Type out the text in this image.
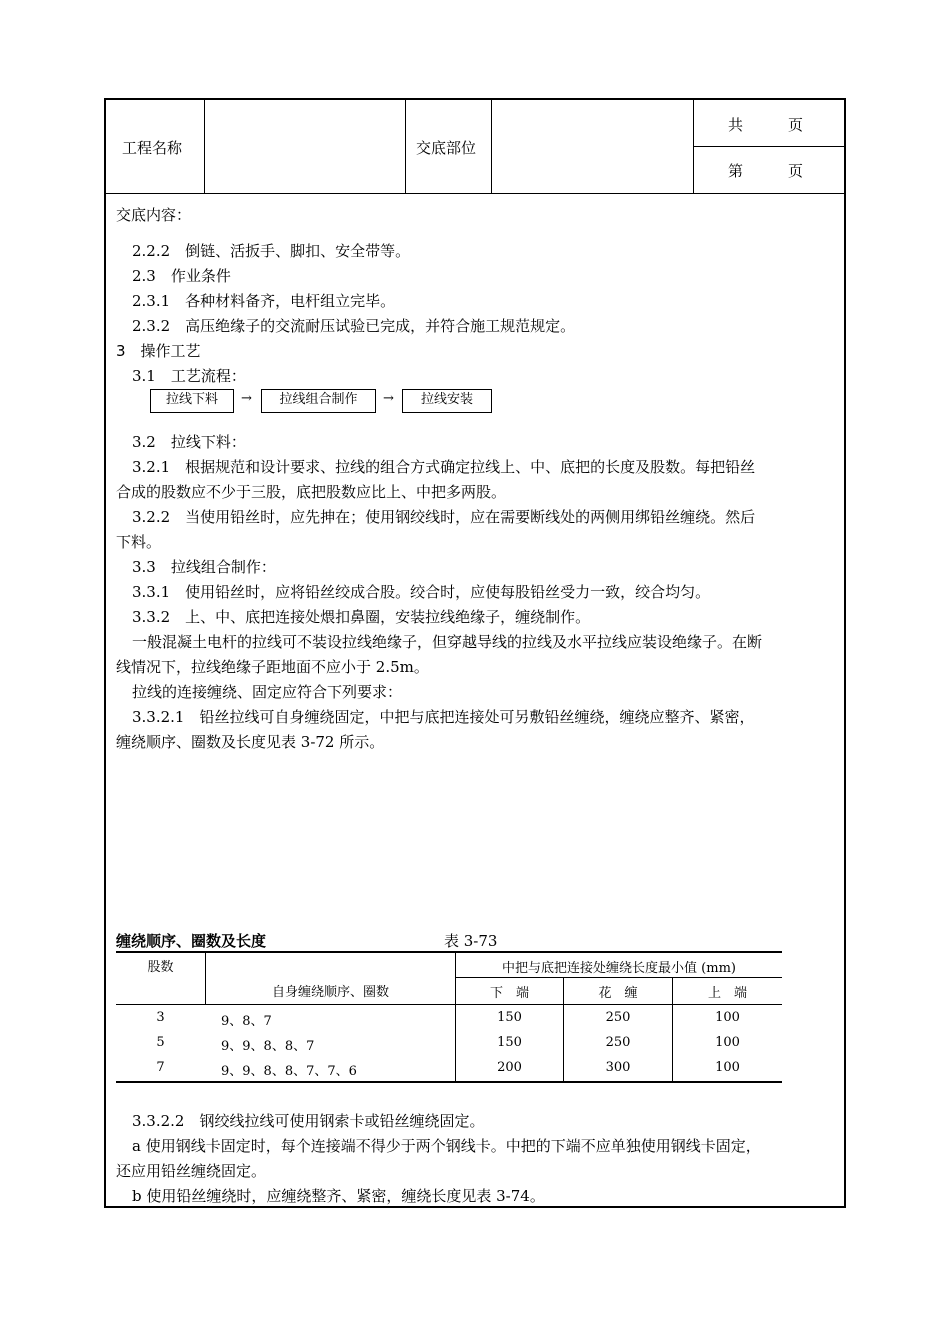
工程名称	交底部位
共　　　页
第　　　页
交底内容：
2.2.2　倒链、活扳手、脚扣、安全带等。
2.3　作业条件
2.3.1　各种材料备齐，电杆组立完毕。
2.3.2　高压绝缘子的交流耐压试验已完成，并符合施工规范规定。
3　操作工艺
3.1　工艺流程：
拉线下料	→	拉线组合制作	→	拉线安装
3.2　拉线下料：
3.2.1　根据规范和设计要求、拉线的组合方式确定拉线上、中、底把的长度及股数。每把铅丝
合成的股数应不少于三股，底把股数应比上、中把多两股。
3.2.2　当使用铅丝时，应先抻在；使用钢绞线时，应在需要断线处的两侧用绑铅丝缠绕。然后
下料。
3.3　拉线组合制作：
3.3.1　使用铅丝时，应将铅丝绞成合股。绞合时，应使每股铅丝受力一致，绞合均匀。
3.3.2　上、中、底把连接处煨扣鼻圈，安装拉线绝缘子，缠绕制作。
一般混凝土电杆的拉线可不装设拉线绝缘子，但穿越导线的拉线及水平拉线应装设绝缘子。在断
线情况下，拉线绝缘子距地面不应小于 2.5m。
拉线的连接缠绕、固定应符合下列要求：
3.3.2.1　铅丝拉线可自身缠绕固定，中把与底把连接处可另敷铅丝缠绕，缠绕应整齐、紧密，
缠绕顺序、圈数及长度见表 3-72 所示。
缠绕顺序、圈数及长度	表 3-73
股数
自身缠绕顺序、圈数
中把与底把连接处缠绕长度最小值 (mm)
下　端	花　缠	上　端
3	9、8、7	150	250	100
5	9、9、8、8、7	150	250	100
7	9、9、8、8、7、7、6	200	300	100
3.3.2.2　钢绞线拉线可使用钢索卡或铅丝缠绕固定。
a 使用钢线卡固定时，每个连接端不得少于两个钢线卡。中把的下端不应单独使用钢线卡固定，
还应用铅丝缠绕固定。
b 使用铅丝缠绕时，应缠绕整齐、紧密，缠绕长度见表 3-74。
